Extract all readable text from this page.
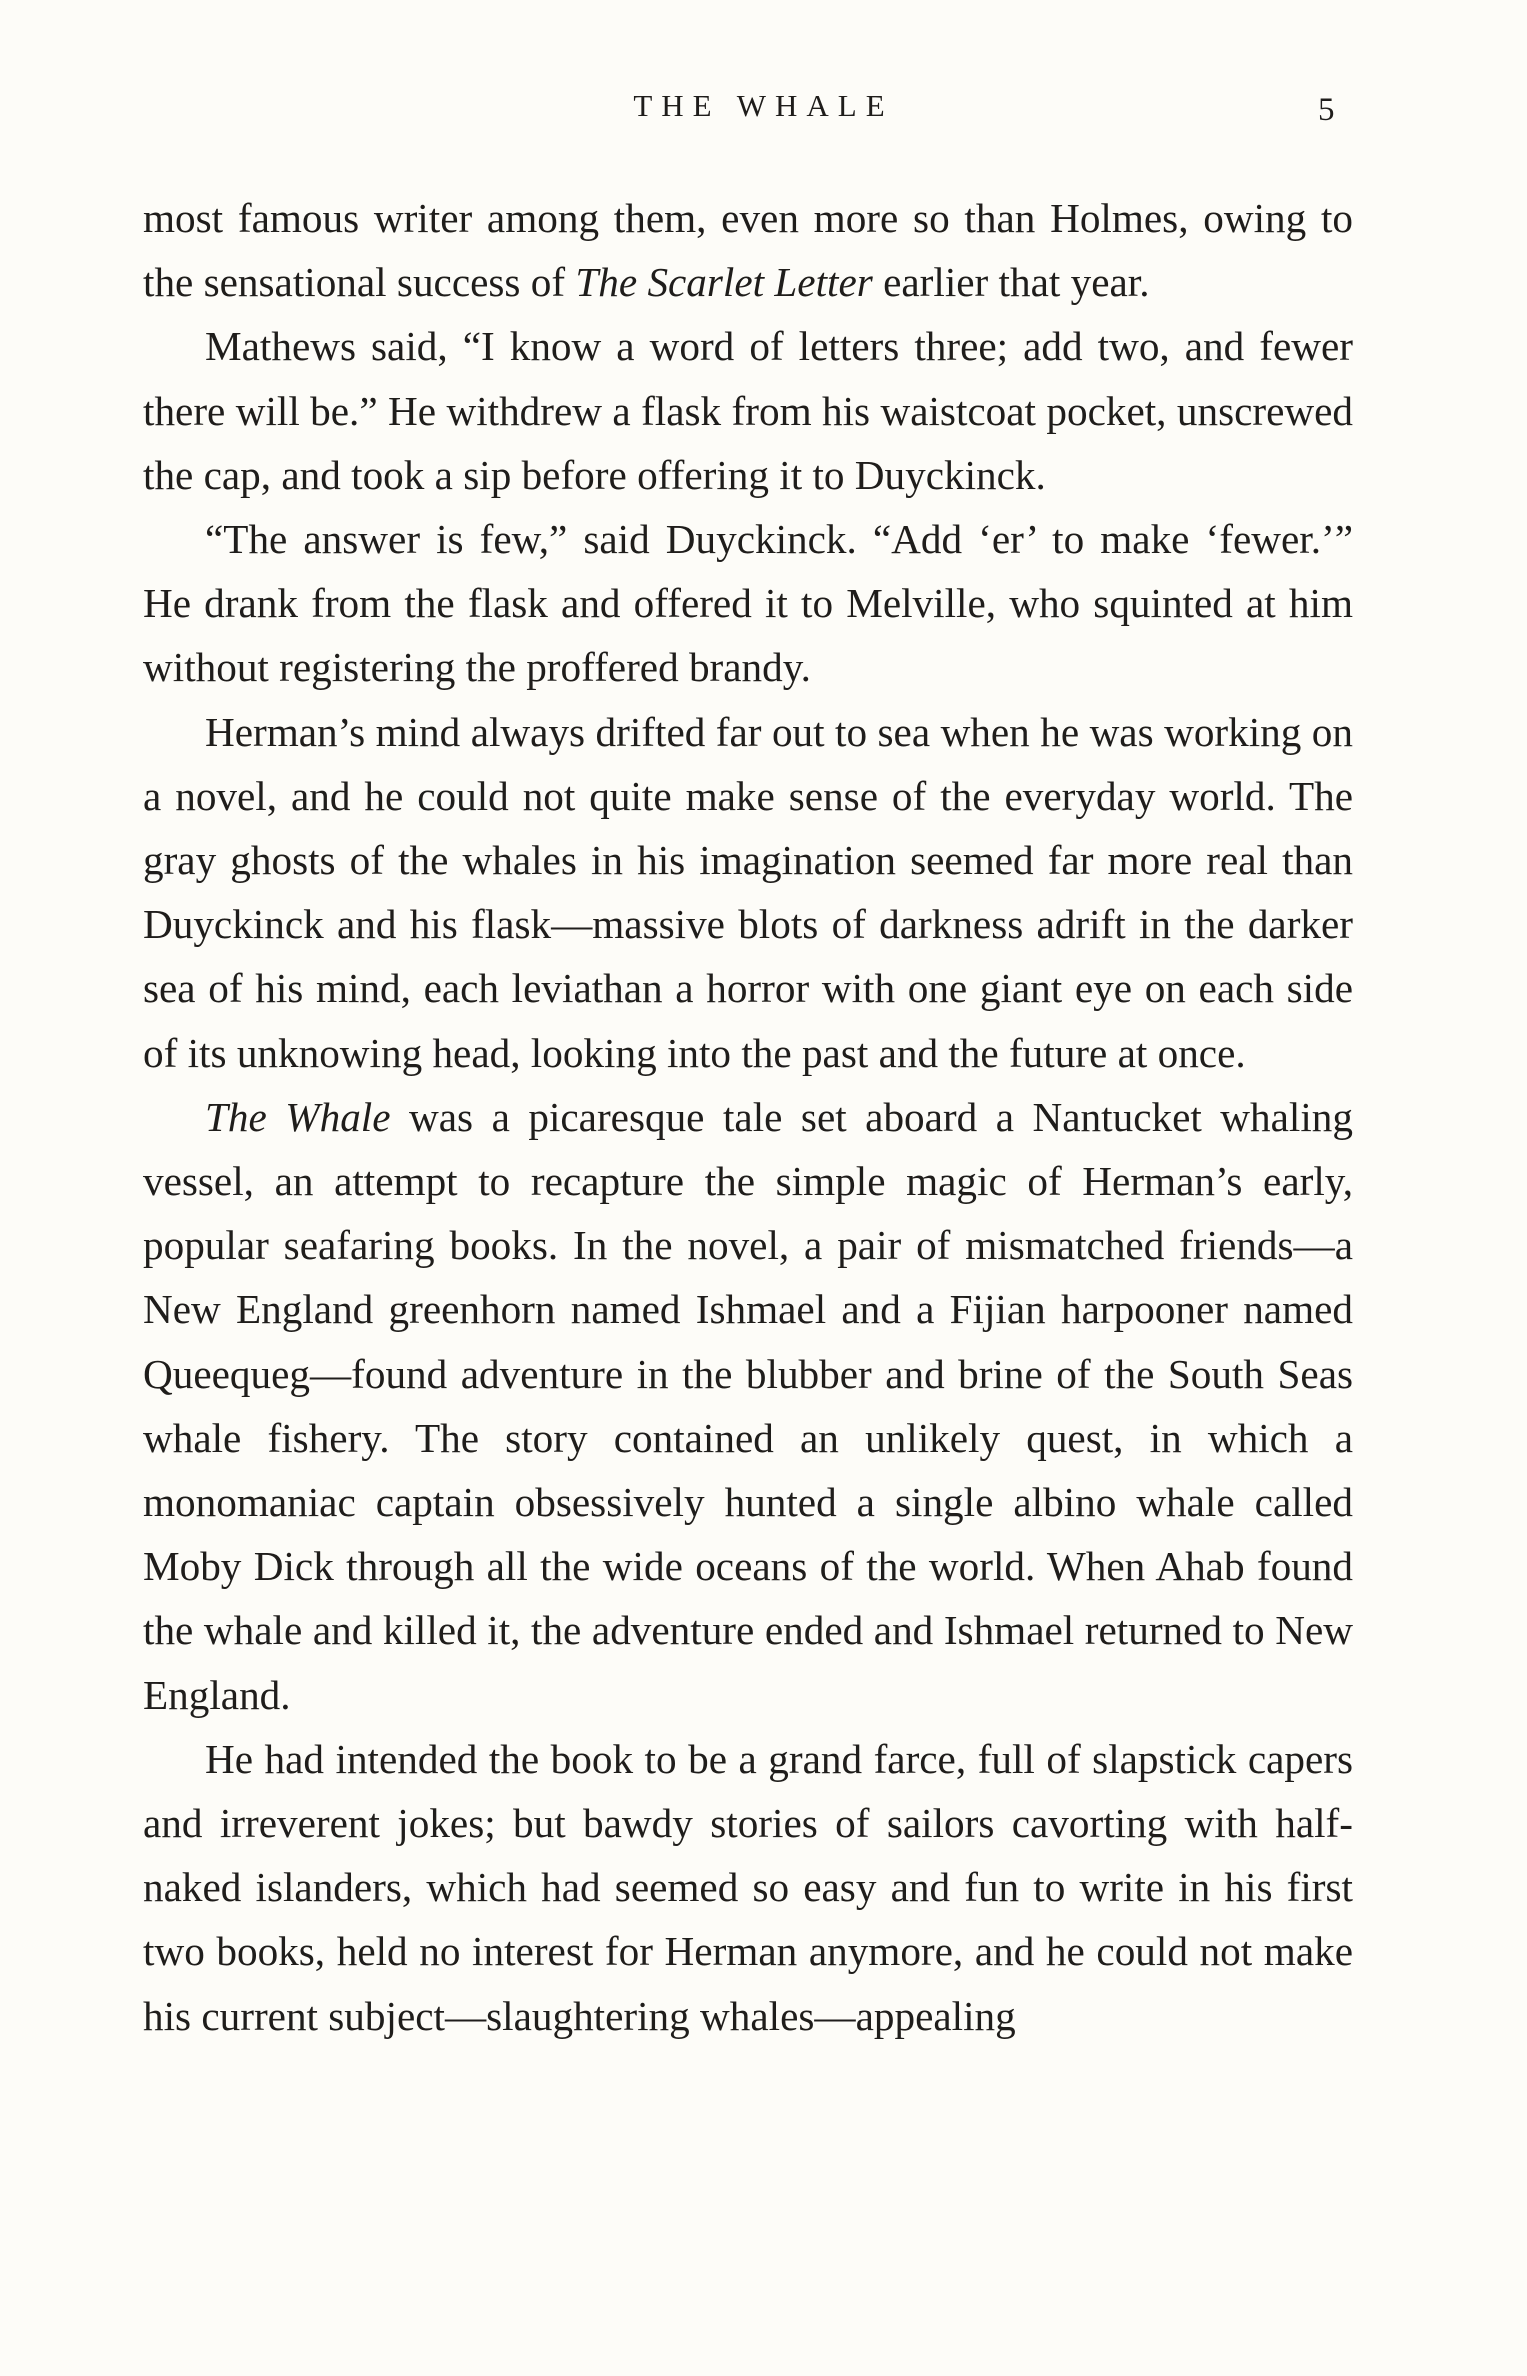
THE WHALE	5

most famous writer among them, even more so than Holmes, owing to the sensational success of The Scarlet Letter earlier that year.

Mathews said, “I know a word of letters three; add two, and fewer there will be.” He withdrew a flask from his waistcoat pocket, unscrewed the cap, and took a sip before offering it to Duyckinck.

“The answer is few,” said Duyckinck. “Add ‘er’ to make ‘fewer.’” He drank from the flask and offered it to Melville, who squinted at him without registering the proffered brandy.

Herman’s mind always drifted far out to sea when he was working on a novel, and he could not quite make sense of the everyday world. The gray ghosts of the whales in his imagination seemed far more real than Duyckinck and his flask—massive blots of darkness adrift in the darker sea of his mind, each leviathan a horror with one giant eye on each side of its unknowing head, looking into the past and the future at once.

The Whale was a picaresque tale set aboard a Nantucket whaling vessel, an attempt to recapture the simple magic of Herman’s early, popular seafaring books. In the novel, a pair of mismatched friends—a New England greenhorn named Ishmael and a Fijian harpooner named Queequeg—found adventure in the blubber and brine of the South Seas whale fishery. The story contained an unlikely quest, in which a monomaniac captain obsessively hunted a single albino whale called Moby Dick through all the wide oceans of the world. When Ahab found the whale and killed it, the adventure ended and Ishmael returned to New England.

He had intended the book to be a grand farce, full of slapstick capers and irreverent jokes; but bawdy stories of sailors cavorting with half-naked islanders, which had seemed so easy and fun to write in his first two books, held no interest for Herman anymore, and he could not make his current subject—slaughtering whales—appealing
